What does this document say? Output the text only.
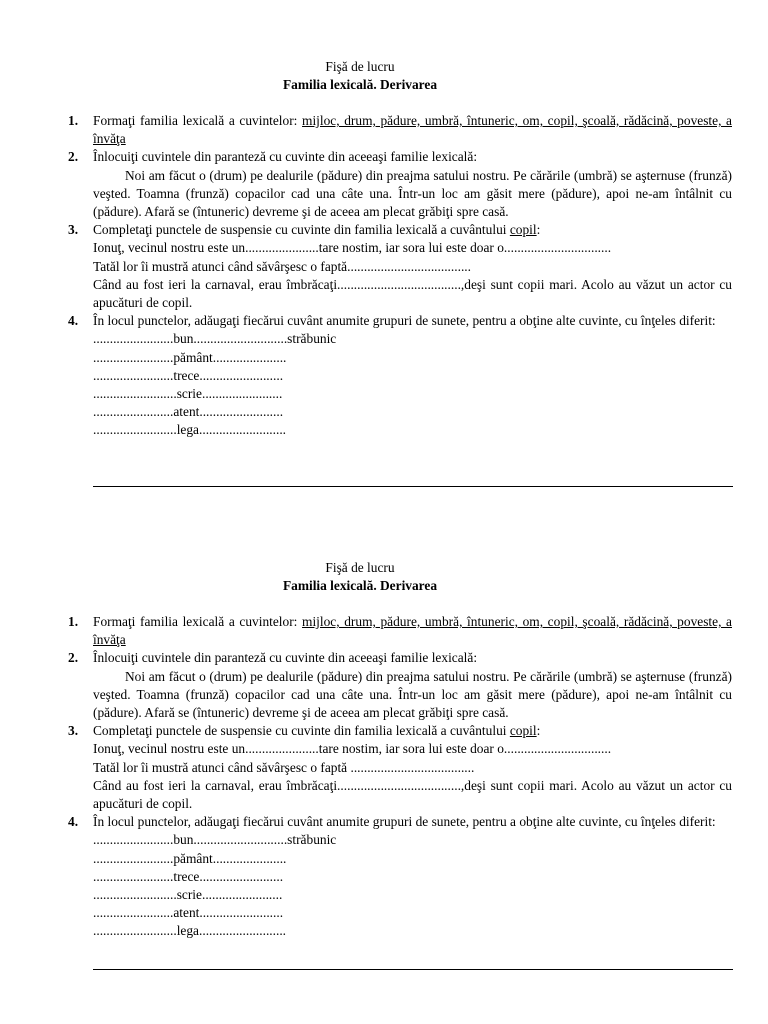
Fişă de lucru
Familia lexicală. Derivarea
1. Formaţi familia lexicală a cuvintelor: mijloc, drum, pădure, umbră, întuneric, om, copil, şcoală, rădăcină, poveste, a învăţa
2. Înlocuiţi cuvintele din paranteză cu cuvinte din aceeaşi familie lexicală:
Noi am făcut o (drum) pe dealurile (pădure) din preajma satului nostru. Pe cărările (umbră) se aşternuse (frunză) veşted. Toamna (frunză) copacilor cad una câte una. Într-un loc am găsit mere (pădure), apoi ne-am întâlnit cu (pădure). Afară se (întuneric) devreme şi de aceea am plecat grăbiţi spre casă.
3. Completaţi punctele de suspensie cu cuvinte din familia lexicală a cuvântului copil:
Ionuţ, vecinul nostru este un......................tare nostim, iar sora lui este doar o................................
Tatăl lor îi mustră atunci când săvârşesc o faptă.....................................
Când au fost ieri la carnaval, erau îmbrăcaţi.....................................,deşi sunt copii mari. Acolo au văzut un actor cu apucături de copil.
4. În locul punctelor, adăugaţi fiecărui cuvânt anumite grupuri de sunete, pentru a obţine alte cuvinte, cu înţeles diferit:
........................bun............................străbunic
........................pământ......................
........................trece.........................
.........................scrie........................
........................atent.........................
.........................lega..........................
Fişă de lucru
Familia lexicală. Derivarea
1. Formaţi familia lexicală a cuvintelor: mijloc, drum, pădure, umbră, întuneric, om, copil, şcoală, rădăcină, poveste, a învăţa
2. Înlocuiţi cuvintele din paranteză cu cuvinte din aceeaşi familie lexicală:
Noi am făcut o (drum) pe dealurile (pădure) din preajma satului nostru. Pe cărările (umbră) se aşternuse (frunză) veşted. Toamna (frunză) copacilor cad una câte una. Într-un loc am găsit mere (pădure), apoi ne-am întâlnit cu (pădure). Afară se (întuneric) devreme şi de aceea am plecat grăbiţi spre casă.
3. Completaţi punctele de suspensie cu cuvinte din familia lexicală a cuvântului copil:
Ionuţ, vecinul nostru este un......................tare nostim, iar sora lui este doar o................................
Tatăl lor îi mustră atunci când săvârşesc o faptă .....................................
Când au fost ieri la carnaval, erau îmbrăcaţi.....................................,deşi sunt copii mari. Acolo au văzut un actor cu apucături de copil.
4. În locul punctelor, adăugaţi fiecărui cuvânt anumite grupuri de sunete, pentru a obţine alte cuvinte, cu înţeles diferit:
........................bun............................străbunic
........................pământ......................
........................trece.........................
.........................scrie........................
........................atent.........................
.........................lega..........................
